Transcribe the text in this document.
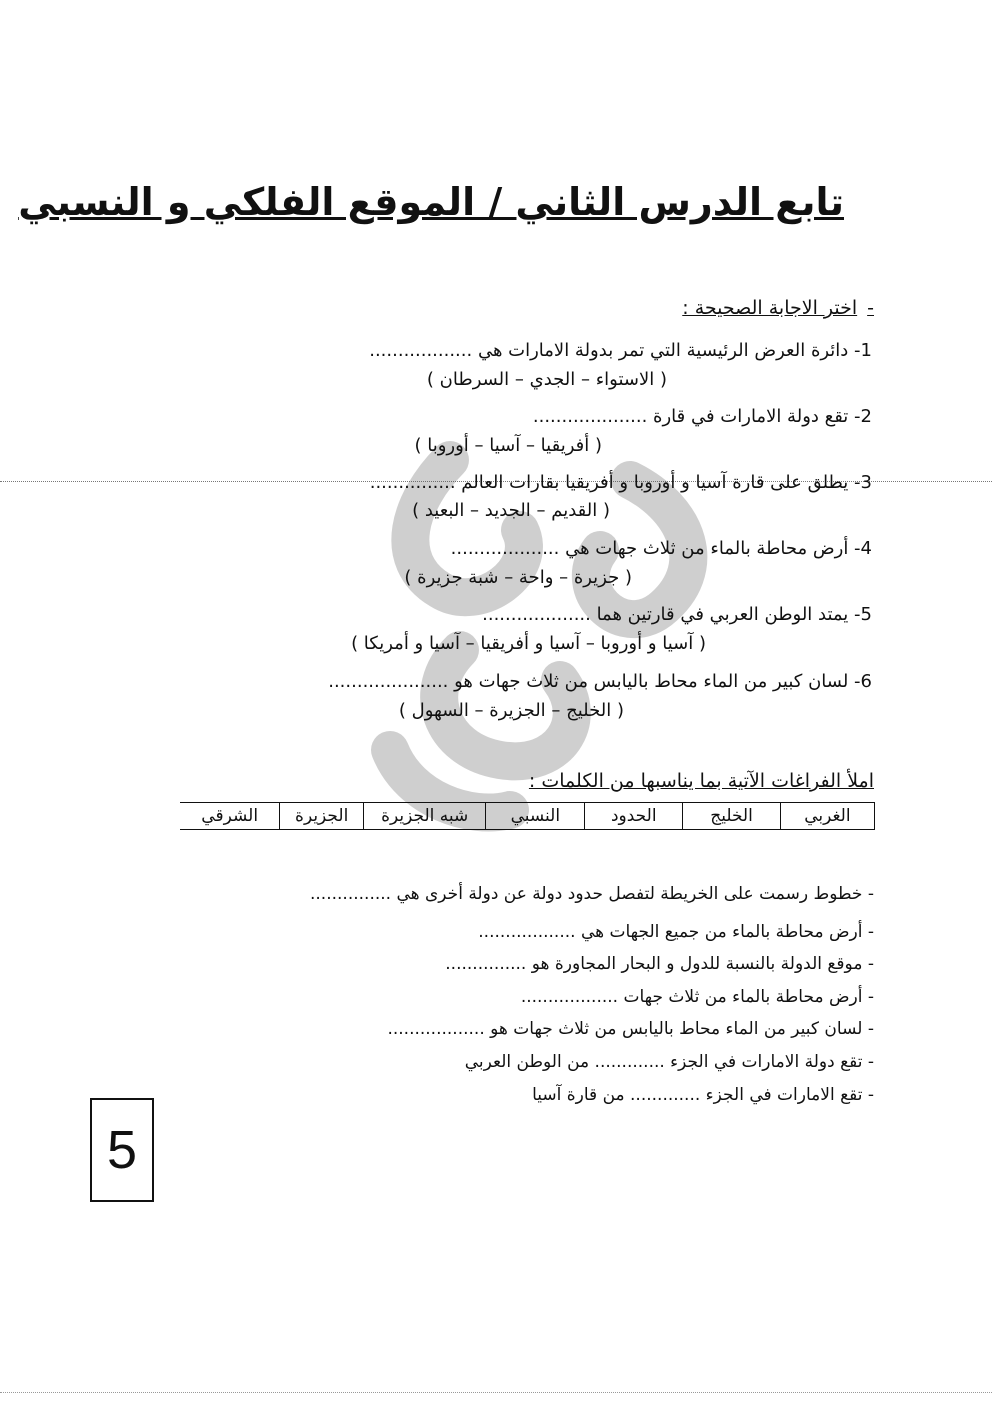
تابع الدرس الثاني / الموقع الفلكي و النسبي
-اختر الاجابة الصحيحة :
1- دائرة العرض الرئيسية التي تمر بدولة الامارات هي ..................
( الاستواء – الجدي – السرطان )
2- تقع دولة الامارات في قارة ....................
( أفريقيا – آسيا – أوروبا )
3- يطلق على قارة آسيا و أوروبا و أفريقيا بقارات العالم ...............
( القديم – الجديد – البعيد )
4- أرض محاطة بالماء من ثلاث جهات هي ...................
( جزيرة – واحة – شبة جزيرة )
5- يمتد الوطن العربي في قارتين هما ...................
( آسيا و أوروبا – آسيا و أفريقيا – آسيا و أمريكا )
6- لسان كبير من الماء محاط باليابس من ثلاث جهات هو .....................
( الخليج – الجزيرة – السهول )
املأ الفراغات الآتية بما يناسبها من الكلمات :
الغربي	الخليج	الحدود	النسبي	شبه الجزيرة	الجزيرة	الشرقي
- خطوط رسمت على الخريطة لتفصل حدود دولة عن دولة أخرى هي ...............
- أرض محاطة بالماء من جميع الجهات هي ..................
- موقع الدولة بالنسبة للدول و البحار المجاورة هو ...............
- أرض محاطة بالماء من ثلاث جهات ..................
- لسان كبير من الماء محاط باليابس من ثلاث جهات هو ..................
- تقع دولة الامارات في الجزء ............. من الوطن العربي
- تقع الامارات في الجزء ............. من قارة آسيا
5
